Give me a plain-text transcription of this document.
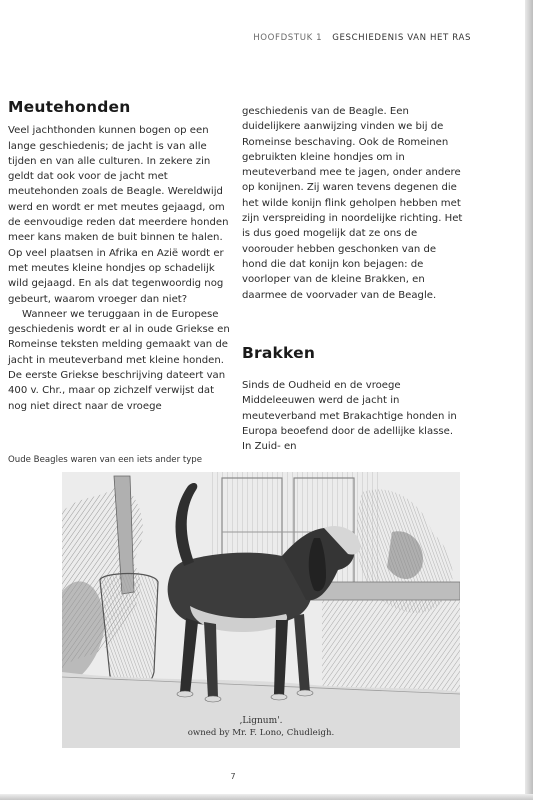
HOOFDSTUK 1 GESCHIEDENIS VAN HET RAS
Meutehonden

Veel jachthonden kunnen bogen op een lange geschiedenis; de jacht is van alle tijden en van alle culturen. In zekere zin geldt dat ook voor de jacht met meutehonden zoals de Beagle. Wereldwijd werd en wordt er met meutes gejaagd, om de eenvoudige reden dat meerdere honden meer kans maken de buit binnen te halen. Op veel plaatsen in Afrika en Azië wordt er met meutes kleine hondjes op schadelijk wild gejaagd. En als dat tegenwoordig nog gebeurt, waarom vroeger dan niet?

Wanneer we teruggaan in de Europese geschiedenis wordt er al in oude Griekse en Romeinse teksten melding gemaakt van de jacht in meuteverband met kleine honden. De eerste Griekse beschrijving dateert van 400 v. Chr., maar op zichzelf verwijst dat nog niet direct naar de vroege

geschiedenis van de Beagle. Een duidelijkere aanwijzing vinden we bij de Romeinse beschaving. Ook de Romeinen gebruikten kleine hondjes om in meuteverband mee te jagen, onder andere op konijnen. Zij waren tevens degenen die het wilde konijn flink geholpen hebben met zijn verspreiding in noordelijke richting. Het is dus goed mogelijk dat ze ons de voorouder hebben geschonken van de hond die dat konijn kon bejagen: de voorloper van de kleine Brakken, en daarmee de voorvader van de Beagle.

Brakken

Sinds de Oudheid en de vroege Middeleeuwen werd de jacht in meuteverband met Brakachtige honden in Europa beoefend door de adellijke klasse. In Zuid- en

Oude Beagles waren van een iets ander type
‚Lignum'.
owned by Mr. F. Lono, Chudleigh.
7
